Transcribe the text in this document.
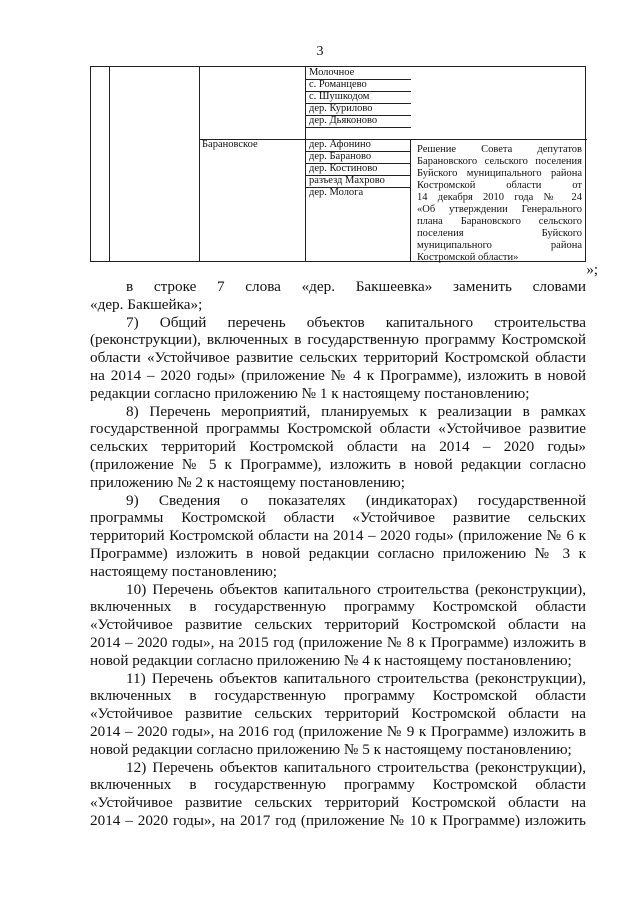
3
Молочное
с. Романцево
с. Шушкодом
дер. Курилово
дер. Дьяконово
Барановское	дер. Афонино
дер. Бараново
дер. Костиново
разъезд Махрово
дер. Молога
Решение Совета депутатов
Барановского сельского поселения
Буйского муниципального района
Костромской области от
14 декабря 2010 года № 24
«Об утверждении Генерального
плана Барановского сельского
поселения Буйского
муниципального района
Костромской области»
»;
в строке 7 слова «дер. Бакшеевка» заменить словами
«дер. Бакшейка»;
7) Общий перечень объектов капитального строительства
(реконструкции), включенных в государственную программу Костромской
области «Устойчивое развитие сельских территорий Костромской области
на 2014 – 2020 годы» (приложение № 4 к Программе), изложить в новой
редакции согласно приложению № 1 к настоящему постановлению;
8) Перечень мероприятий, планируемых к реализации в рамках
государственной программы Костромской области «Устойчивое развитие
сельских территорий Костромской области на 2014 – 2020 годы»
(приложение № 5 к Программе), изложить в новой редакции согласно
приложению № 2 к настоящему постановлению;
9) Сведения о показателях (индикаторах) государственной
программы Костромской области «Устойчивое развитие сельских
территорий Костромской области на 2014 – 2020 годы» (приложение № 6 к
Программе) изложить в новой редакции согласно приложению № 3 к
настоящему постановлению;
10) Перечень объектов капитального строительства (реконструкции),
включенных в государственную программу Костромской области
«Устойчивое развитие сельских территорий Костромской области на
2014 – 2020 годы», на 2015 год (приложение № 8 к Программе) изложить в
новой редакции согласно приложению № 4 к настоящему постановлению;
11) Перечень объектов капитального строительства (реконструкции),
включенных в государственную программу Костромской области
«Устойчивое развитие сельских территорий Костромской области на
2014 – 2020 годы», на 2016 год (приложение № 9 к Программе) изложить в
новой редакции согласно приложению № 5 к настоящему постановлению;
12) Перечень объектов капитального строительства (реконструкции),
включенных в государственную программу Костромской области
«Устойчивое развитие сельских территорий Костромской области на
2014 – 2020 годы», на 2017 год (приложение № 10 к Программе) изложить
